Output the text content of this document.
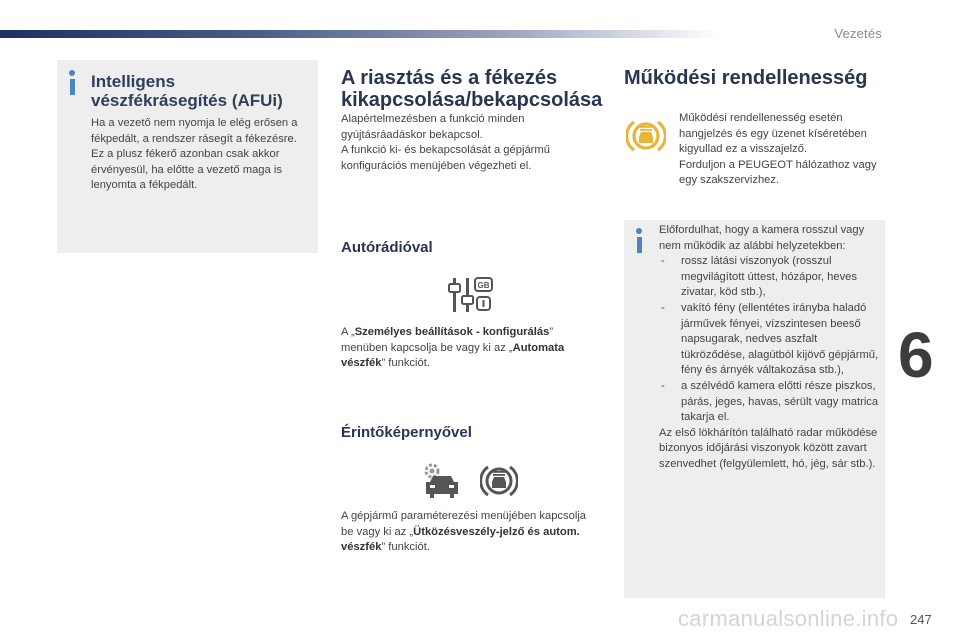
Vezetés
Intelligens vészfékrásegítés (AFUi)

Ha a vezető nem nyomja le elég erősen a fékpedált, a rendszer rásegít a fékezésre.

Ez a plusz fékerő azonban csak akkor érvényesül, ha előtte a vezető maga is lenyomta a fékpedált.

A riasztás és a fékezés kikapcsolása/bekapcsolása

Alapértelmezésben a funkció minden gyújtásráadáskor bekapcsol.

A funkció ki- és bekapcsolását a gépjármű konfigurációs menüjében végezheti el.

Autórádióval
GB
A „Személyes beállítások - konfigurálás” menüben kapcsolja be vagy ki az „Automata vészfék” funkciót.
Érintőképernyővel
A gépjármű paraméterezési menüjében kapcsolja be vagy ki az „Ütközésveszély-jelző és autom. vészfék” funkciót.
Működési rendellenesség

Működési rendellenesség esetén hangjelzés és egy üzenet kíséretében kigyullad ez a visszajelző.

Forduljon a PEUGEOT hálózathoz vagy egy szakszervizhez.

Előfordulhat, hogy a kamera rosszul vagy nem működik az alábbi helyzetekben:

- rossz látási viszonyok (rosszul megvilágított úttest, hózápor, heves zivatar, köd stb.),
- vakító fény (ellentétes irányba haladó járművek fényei, vízszintesen beeső napsugarak, nedves aszfalt tükröződése, alagútból kijövő gépjármű, fény és árnyék váltakozása stb.),
- a szélvédő kamera előtti része piszkos, párás, jeges, havas, sérült vagy matrica takarja el.

Az első lökhárítón található radar működése bizonyos időjárási viszonyok között zavart szenvedhet (felgyülemlett, hó, jég, sár stb.).

6
carmanualsonline.info 247
